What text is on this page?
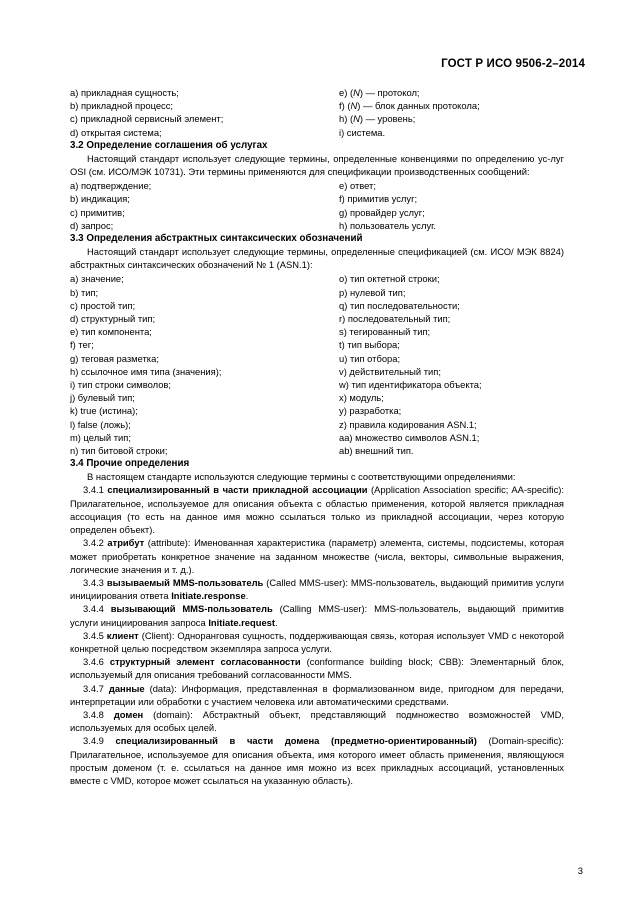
ГОСТ Р ИСО 9506-2–2014
a) прикладная сущность;
b) прикладной процесс;
c) прикладной сервисный элемент;
d) открытая система;
e) (N) — протокол;
f) (N) — блок данных протокола;
h) (N) — уровень;
i) система.
3.2 Определение соглашения об услугах

Настоящий стандарт использует следующие термины, определенные конвенциями по определению ус-луг OSI (см. ИСО/МЭК 10731). Эти термины применяются для спецификации производственных сообщений:

a) подтверждение;
b) индикация;
c) примитив;
d) запрос;
e) ответ;
f) примитив услуг;
g) провайдер услуг;
h) пользователь услуг.
3.3 Определения абстрактных синтаксических обозначений

Настоящий стандарт использует следующие термины, определенные спецификацией (см. ИСО/ МЭК 8824) абстрактных синтаксических обозначений № 1 (ASN.1):

a) значение;
b) тип;
c) простой тип;
d) структурный тип;
e) тип компонента;
f) тег;
g) теговая разметка;
h) ссылочное имя типа (значения);
i) тип строки символов;
j) булевый тип;
k) true (истина);
l) false (ложь);
m) целый тип;
n) тип битовой строки;
o) тип октетной строки;
p) нулевой тип;
q) тип последовательности;
r) последовательный тип;
s) тегированный тип;
t) тип выбора;
u) тип отбора;
v) действительный тип;
w) тип идентификатора объекта;
x) модуль;
y) разработка;
z) правила кодирования ASN.1;
aa) множество символов ASN.1;
ab) внешний тип.
3.4 Прочие определения

В настоящем стандарте используются следующие термины с соответствующими определениями:

3.4.1 специализированный в части прикладной ассоциации (Application Association specific; AA-specific): Прилагательное, используемое для описания объекта с областью применения, которой является прикладная ассоциация (то есть на данное имя можно ссылаться только из прикладной ассоциации, через которую определен объект).

3.4.2 атрибут (attribute): Именованная характеристика (параметр) элемента, системы, подсистемы, которая может приобретать конкретное значение на заданном множестве (числа, векторы, символьные выражения, логические значения и т. д.).

3.4.3 вызываемый MMS-пользователь (Called MMS-user): MMS-пользователь, выдающий примитив услуги инициирования ответа Initiate.response.

3.4.4 вызывающий MMS-пользователь (Calling MMS-user): MMS-пользователь, выдающий примитив услуги инициирования запроса Initiate.request.

3.4.5 клиент (Client): Одноранговая сущность, поддерживающая связь, которая использует VMD с некоторой конкретной целью посредством экземпляра запроса услуги.

3.4.6 структурный элемент согласованности (conformance building block; CBB): Элементарный блок, используемый для описания требований согласованности MMS.

3.4.7 данные (data): Информация, представленная в формализованном виде, пригодном для передачи, интерпретации или обработки с участием человека или автоматическими средствами.

3.4.8 домен (domain): Абстрактный объект, представляющий подмножество возможностей VMD, используемых для особых целей.

3.4.9 специализированный в части домена (предметно-ориентированный) (Domain-specific): Прилагательное, используемое для описания объекта, имя которого имеет область применения, являющуюся простым доменом (т. е. ссылаться на данное имя можно из всех прикладных ассоциаций, установленных вместе с VMD, которое может ссылаться на указанную область).

3
